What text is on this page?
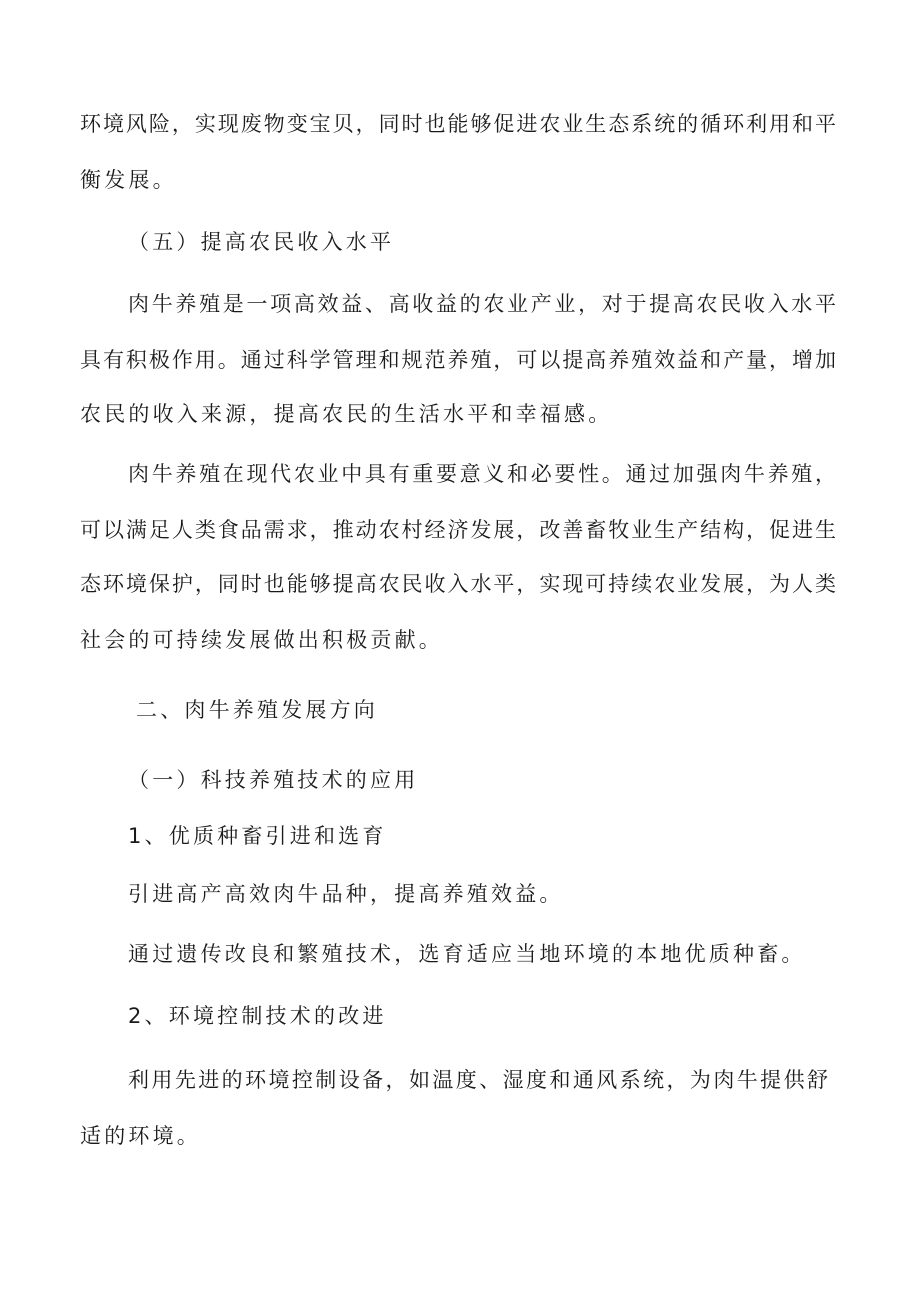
环境风险，实现废物变宝贝，同时也能够促进农业生态系统的循环利用和平
衡发展。
（五）提高农民收入水平
肉牛养殖是一项高效益、高收益的农业产业，对于提高农民收入水平
具有积极作用。通过科学管理和规范养殖，可以提高养殖效益和产量，增加
农民的收入来源，提高农民的生活水平和幸福感。
肉牛养殖在现代农业中具有重要意义和必要性。通过加强肉牛养殖，
可以满足人类食品需求，推动农村经济发展，改善畜牧业生产结构，促进生
态环境保护，同时也能够提高农民收入水平，实现可持续农业发展，为人类
社会的可持续发展做出积极贡献。
二、肉牛养殖发展方向
（一）科技养殖技术的应用
1、优质种畜引进和选育
引进高产高效肉牛品种，提高养殖效益。
通过遗传改良和繁殖技术，选育适应当地环境的本地优质种畜。
2、环境控制技术的改进
利用先进的环境控制设备，如温度、湿度和通风系统，为肉牛提供舒
适的环境。
